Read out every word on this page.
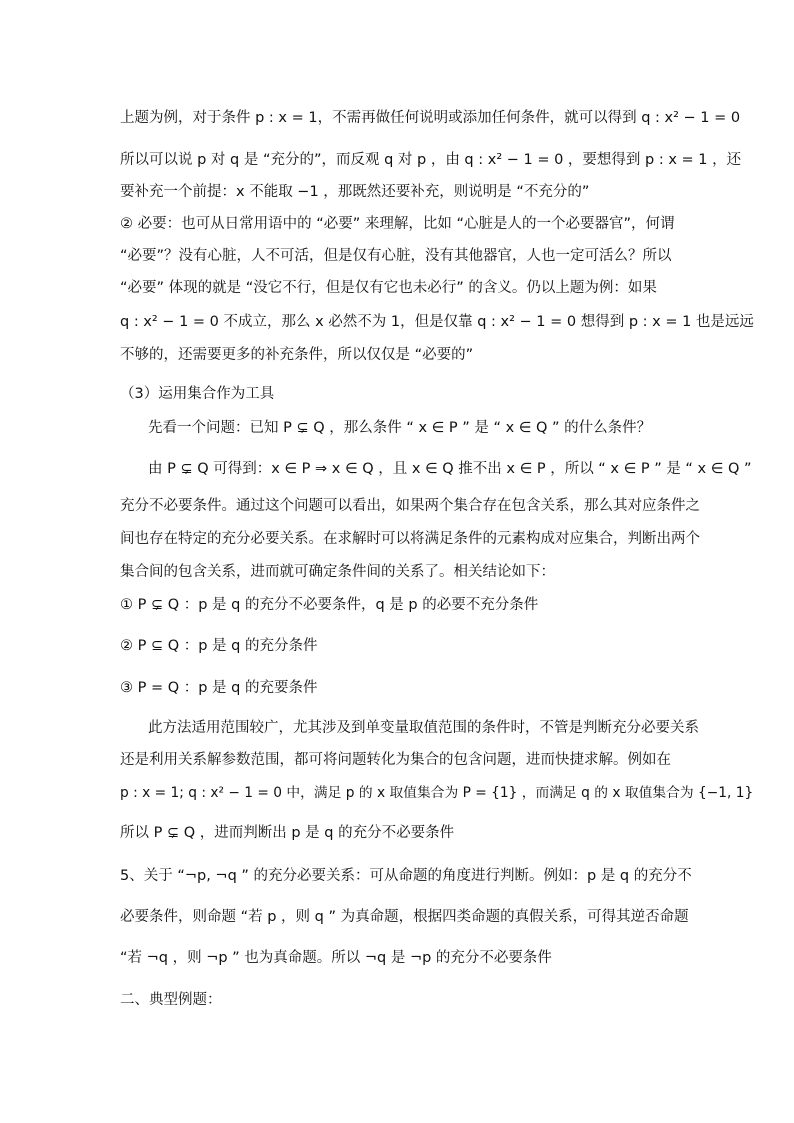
上题为例，对于条件 p : x = 1，不需再做任何说明或添加任何条件，就可以得到 q : x² − 1 = 0
所以可以说 p 对 q 是 “充分的”，而反观 q 对 p ，由 q : x² − 1 = 0 ，要想得到 p : x = 1 ，还
要补充一个前提：x 不能取 −1 ，那既然还要补充，则说明是 “不充分的”
② 必要：也可从日常用语中的 “必要” 来理解，比如 “心脏是人的一个必要器官”，何谓
“必要”？没有心脏，人不可活，但是仅有心脏，没有其他器官，人也一定可活么？所以
“必要” 体现的就是 “没它不行，但是仅有它也未必行” 的含义。仍以上题为例：如果
q : x² − 1 = 0 不成立，那么 x 必然不为 1，但是仅靠 q : x² − 1 = 0 想得到 p : x = 1 也是远远
不够的，还需要更多的补充条件，所以仅仅是 “必要的”
（3）运用集合作为工具
先看一个问题：已知 P ⊊ Q ，那么条件 “ x ∈ P ” 是 “ x ∈ Q ” 的什么条件？
由 P ⊊ Q 可得到：x ∈ P ⇒ x ∈ Q ，且 x ∈ Q 推不出 x ∈ P ，所以 “ x ∈ P ” 是 “ x ∈ Q ”
充分不必要条件。通过这个问题可以看出，如果两个集合存在包含关系，那么其对应条件之
间也存在特定的充分必要关系。在求解时可以将满足条件的元素构成对应集合，判断出两个
集合间的包含关系，进而就可确定条件间的关系了。相关结论如下：
① P ⊊ Q ：p 是 q 的充分不必要条件，q 是 p 的必要不充分条件
② P ⊆ Q ：p 是 q 的充分条件
③ P = Q ：p 是 q 的充要条件
此方法适用范围较广，尤其涉及到单变量取值范围的条件时，不管是判断充分必要关系
还是利用关系解参数范围，都可将问题转化为集合的包含问题，进而快捷求解。例如在
p : x = 1; q : x² − 1 = 0 中，满足 p 的 x 取值集合为 P = {1} ，而满足 q 的 x 取值集合为 {−1, 1}
所以 P ⊊ Q ，进而判断出 p 是 q 的充分不必要条件
5、关于 “¬p, ¬q ” 的充分必要关系：可从命题的角度进行判断。例如：p 是 q 的充分不
必要条件，则命题 “若 p ，则 q ” 为真命题，根据四类命题的真假关系，可得其逆否命题
“若 ¬q ，则 ¬p ” 也为真命题。所以 ¬q 是 ¬p 的充分不必要条件
二、典型例题：
